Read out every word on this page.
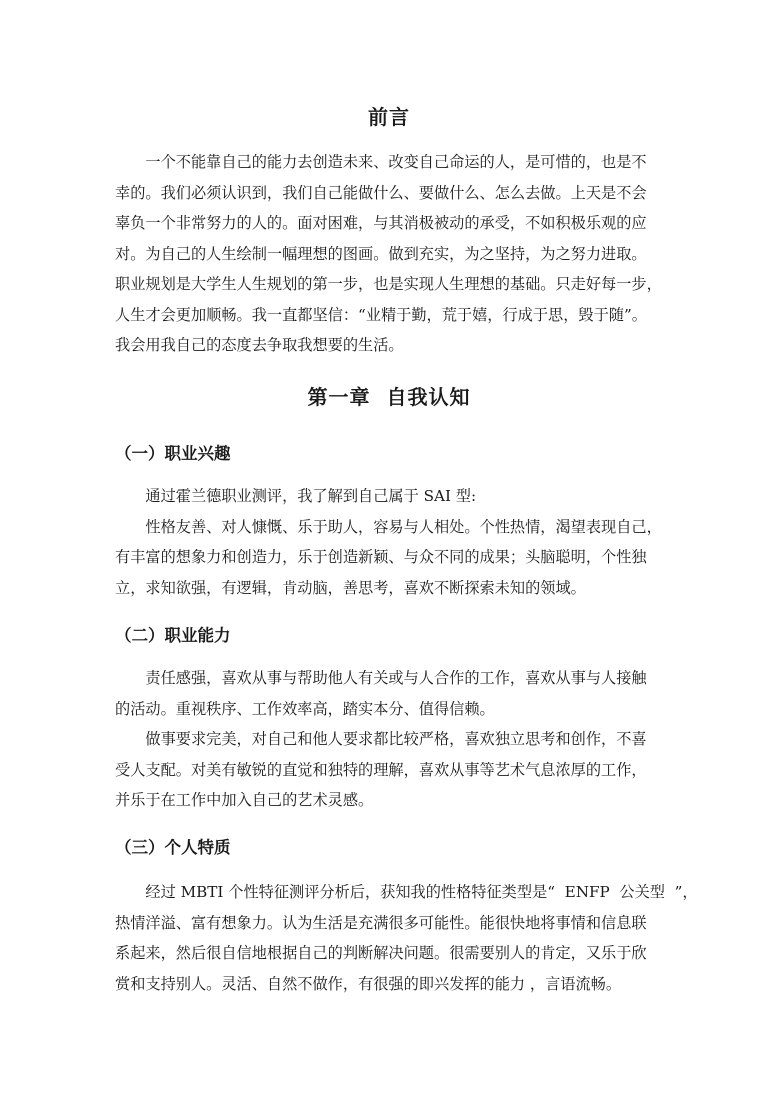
前言
一个不能靠自己的能力去创造未来、改变自己命运的人，是可惜的，也是不
幸的。我们必须认识到，我们自己能做什么、要做什么、怎么去做。上天是不会
辜负一个非常努力的人的。面对困难，与其消极被动的承受，不如积极乐观的应
对。为自己的人生绘制一幅理想的图画。做到充实，为之坚持，为之努力进取。
职业规划是大学生人生规划的第一步，也是实现人生理想的基础。只走好每一步，
人生才会更加顺畅。我一直都坚信：“业精于勤，荒于嬉，行成于思，毁于随”。
我会用我自己的态度去争取我想要的生活。
第一章  自我认知
（一）职业兴趣
通过霍兰德职业测评，我了解到自己属于 SAI 型:
性格友善、对人慷慨、乐于助人，容易与人相处。个性热情，渴望表现自己，
有丰富的想象力和创造力，乐于创造新颖、与众不同的成果；头脑聪明，个性独
立，求知欲强，有逻辑，肯动脑，善思考，喜欢不断探索未知的领域。
（二）职业能力
责任感强，喜欢从事与帮助他人有关或与人合作的工作，喜欢从事与人接触
的活动。重视秩序、工作效率高，踏实本分、值得信赖。
做事要求完美，对自己和他人要求都比较严格，喜欢独立思考和创作，不喜
受人支配。对美有敏锐的直觉和独特的理解，喜欢从事等艺术气息浓厚的工作，
并乐于在工作中加入自己的艺术灵感。
（三）个人特质
经过 MBTI 个性特征测评分析后，获知我的性格特征类型是“  ENFP  公关型  ”，
热情洋溢、富有想象力。认为生活是充满很多可能性。能很快地将事情和信息联
系起来，然后很自信地根据自己的判断解决问题。很需要别人的肯定，又乐于欣
赏和支持别人。灵活、自然不做作，有很强的即兴发挥的能力 ，言语流畅。
